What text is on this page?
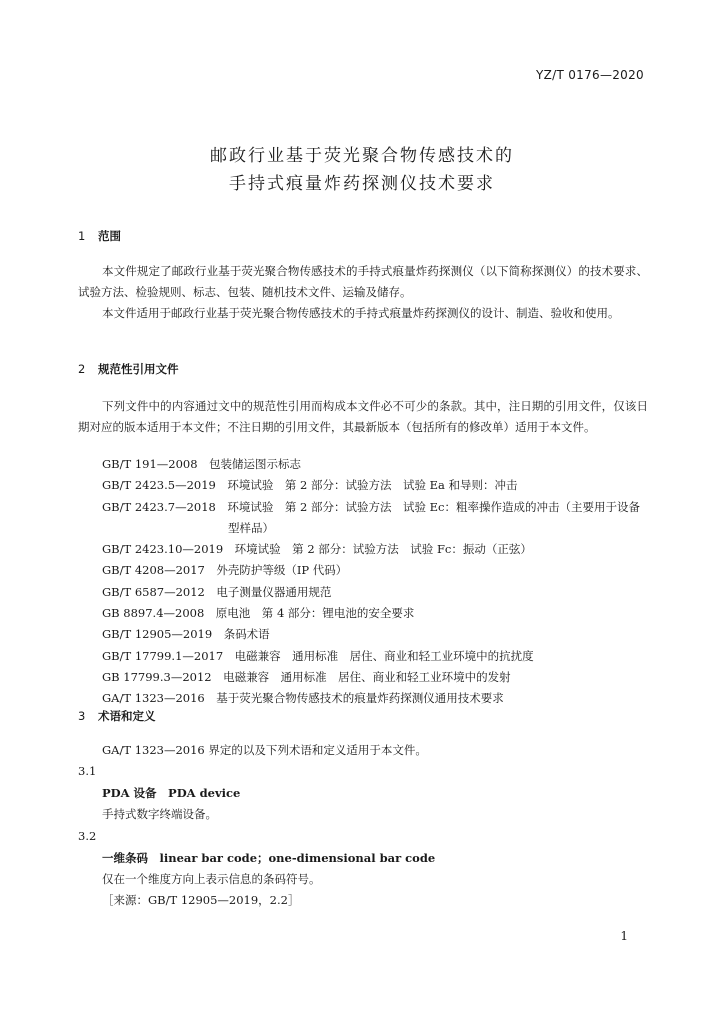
YZ/T 0176—2020
邮政行业基于荧光聚合物传感技术的
手持式痕量炸药探测仪技术要求
1 范围

本文件规定了邮政行业基于荧光聚合物传感技术的手持式痕量炸药探测仪（以下简称探测仪）的技术要求、试验方法、检验规则、标志、包装、随机技术文件、运输及储存。

本文件适用于邮政行业基于荧光聚合物传感技术的手持式痕量炸药探测仪的设计、制造、验收和使用。

2 规范性引用文件

下列文件中的内容通过文中的规范性引用而构成本文件必不可少的条款。其中，注日期的引用文件，仅该日期对应的版本适用于本文件；不注日期的引用文件，其最新版本（包括所有的修改单）适用于本文件。

GB/T 191—2008　包装储运图示标志
GB/T 2423.5—2019　环境试验　第 2 部分：试验方法　试验 Ea 和导则：冲击
GB/T 2423.7—2018　环境试验　第 2 部分：试验方法　试验 Ec：粗率操作造成的冲击（主要用于设备型样品）
GB/T 2423.10—2019　环境试验　第 2 部分：试验方法　试验 Fc：振动（正弦）
GB/T 4208—2017　外壳防护等级（IP 代码）
GB/T 6587—2012　电子测量仪器通用规范
GB 8897.4—2008　原电池　第 4 部分：锂电池的安全要求
GB/T 12905—2019　条码术语
GB/T 17799.1—2017　电磁兼容　通用标准　居住、商业和轻工业环境中的抗扰度
GB 17799.3—2012　电磁兼容　通用标准　居住、商业和轻工业环境中的发射
GA/T 1323—2016　基于荧光聚合物传感技术的痕量炸药探测仪通用技术要求
3 术语和定义

GA/T 1323—2016 界定的以及下列术语和定义适用于本文件。

3.1
PDA 设备　PDA device
手持式数字终端设备。
3.2
一维条码　linear bar code；one-dimensional bar code
仅在一个维度方向上表示信息的条码符号。
［来源：GB/T 12905—2019，2.2］
1
